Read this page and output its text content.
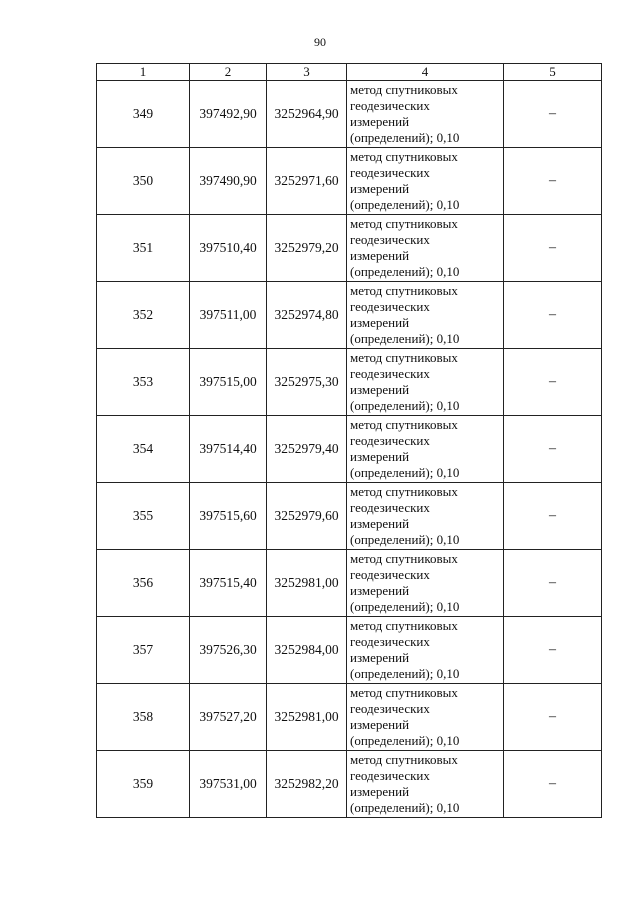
90
1	2	3	4	5
349	397492,90	3252964,90	метод спутниковых
геодезических
измерений
(определений); 0,10	–
350	397490,90	3252971,60	метод спутниковых
геодезических
измерений
(определений); 0,10	–
351	397510,40	3252979,20	метод спутниковых
геодезических
измерений
(определений); 0,10	–
352	397511,00	3252974,80	метод спутниковых
геодезических
измерений
(определений); 0,10	–
353	397515,00	3252975,30	метод спутниковых
геодезических
измерений
(определений); 0,10	–
354	397514,40	3252979,40	метод спутниковых
геодезических
измерений
(определений); 0,10	–
355	397515,60	3252979,60	метод спутниковых
геодезических
измерений
(определений); 0,10	–
356	397515,40	3252981,00	метод спутниковых
геодезических
измерений
(определений); 0,10	–
357	397526,30	3252984,00	метод спутниковых
геодезических
измерений
(определений); 0,10	–
358	397527,20	3252981,00	метод спутниковых
геодезических
измерений
(определений); 0,10	–
359	397531,00	3252982,20	метод спутниковых
геодезических
измерений
(определений); 0,10	–
